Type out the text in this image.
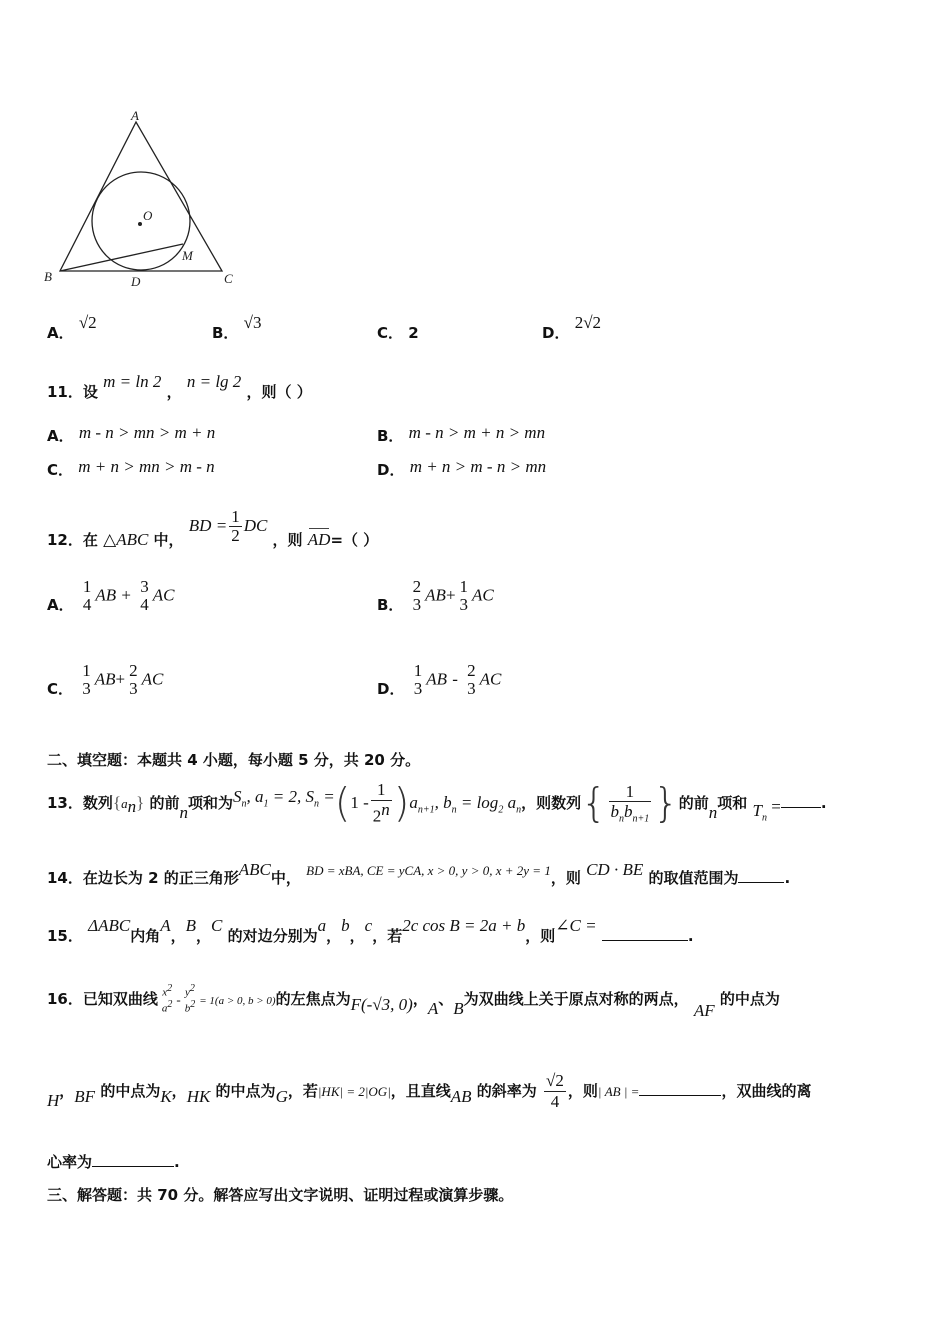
A
O
M
B	D	C
A． √2
B． √3
C． 2	D． 2√2
11．设 m = ln 2 ， n = lg 2 ，则（ ）
A． m - n > mn > m + n	B． m - n > m + n > mn
C． m + n > mn > m - n	D． m + n > m - n > mn
12．在 △ABC 中， BD = $\frac{1}{2}$ DC ，则 AD=（ ）
A．
1
4 AB + 3
4 AC
B．
2
3 AB+ 1
3 AC
C．
1
3 AB+ 2
3 AC
D．
1
3 AB - 2
3 AC
二、填空题：本题共 4 小题，每小题 5 分，共 20 分。
13．数列$\{a_n\}$ 的前n项和为$S_n$, $a_1 = 2$, $S_n =(1 - \frac{1}{2^n} )a_{n+1}$, $b_n = \log_2 a_n$，则数列{ $\frac{1}{b_nb_{n+1}}$ }的前n项和 $T_n$ =	.
14．在边长为 2 的正三角形ABC中， BD = xBA, CE = yCA, x > 0, y > 0, x + 2y = 1，则 CD · BE 的取值范围为	.
15． ΔABC内角A，B，C 的对边分别为a，b，c，若2c cos B = 2a + b，则∠C = .
16．已知双曲线 $x^2$
$a^2 - y^2$
$b^2 = 1(a > 0$, b > 0)的左焦点为F(-√3, 0)，A、B为双曲线上关于原点对称的两点， AF 的中点为
H，BF 的中点为K，HK 的中点为G，若|HK| = 2|OG|，且直线AB 的斜率为 $\frac{√2}{4}$ ，则| AB | =	，双曲线的离
心率为	.
三、解答题：共 70 分。解答应写出文字说明、证明过程或演算步骤。
